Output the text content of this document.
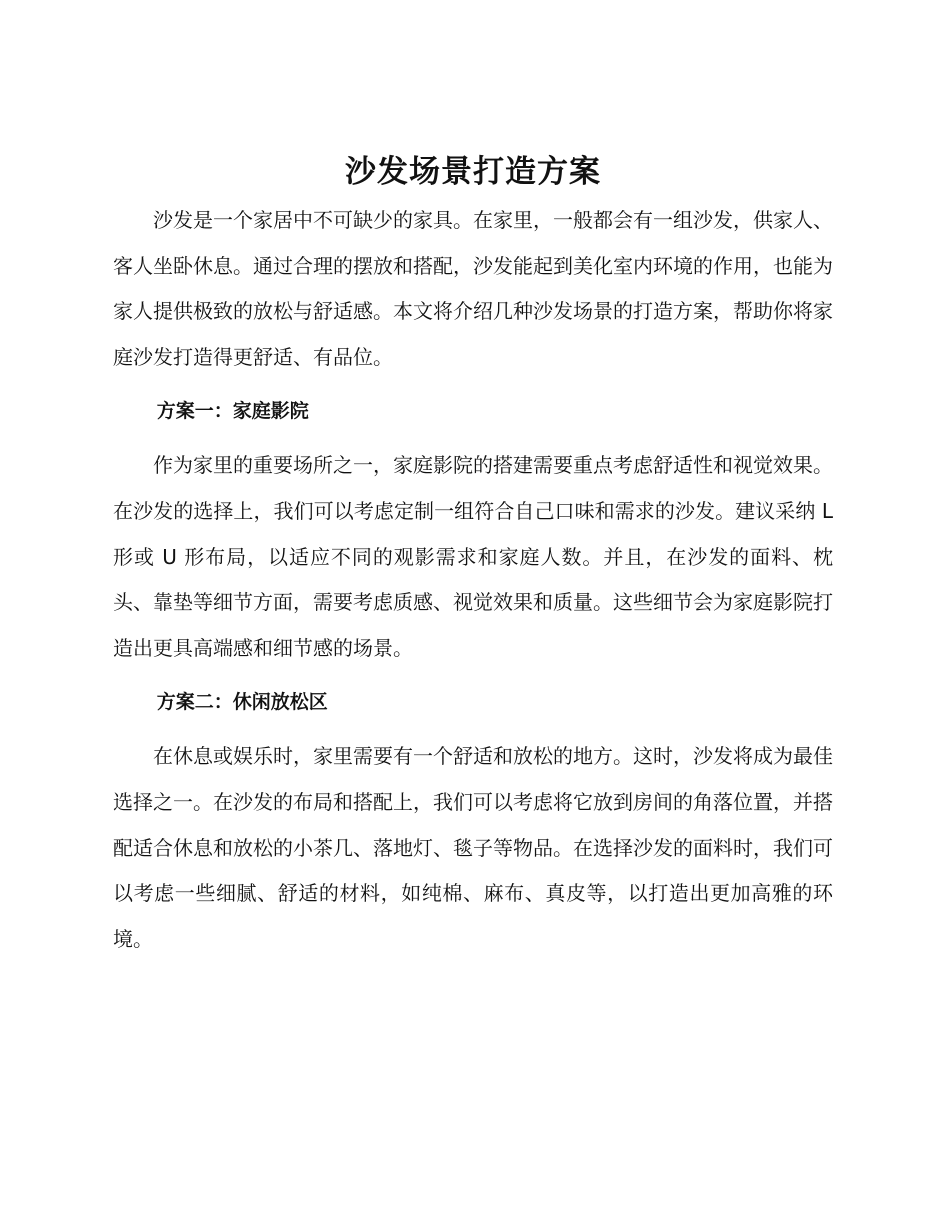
沙发场景打造方案

沙发是一个家居中不可缺少的家具。在家里，一般都会有一组沙发，供家人、客人坐卧休息。通过合理的摆放和搭配，沙发能起到美化室内环境的作用，也能为家人提供极致的放松与舒适感。本文将介绍几种沙发场景的打造方案，帮助你将家庭沙发打造得更舒适、有品位。

方案一：家庭影院

作为家里的重要场所之一，家庭影院的搭建需要重点考虑舒适性和视觉效果。在沙发的选择上，我们可以考虑定制一组符合自己口味和需求的沙发。建议采纳 L 形或 U 形布局，以适应不同的观影需求和家庭人数。并且，在沙发的面料、枕头、靠垫等细节方面，需要考虑质感、视觉效果和质量。这些细节会为家庭影院打造出更具高端感和细节感的场景。

方案二：休闲放松区

在休息或娱乐时，家里需要有一个舒适和放松的地方。这时，沙发将成为最佳选择之一。在沙发的布局和搭配上，我们可以考虑将它放到房间的角落位置，并搭配适合休息和放松的小茶几、落地灯、毯子等物品。在选择沙发的面料时，我们可以考虑一些细腻、舒适的材料，如纯棉、麻布、真皮等，以打造出更加高雅的环境。
